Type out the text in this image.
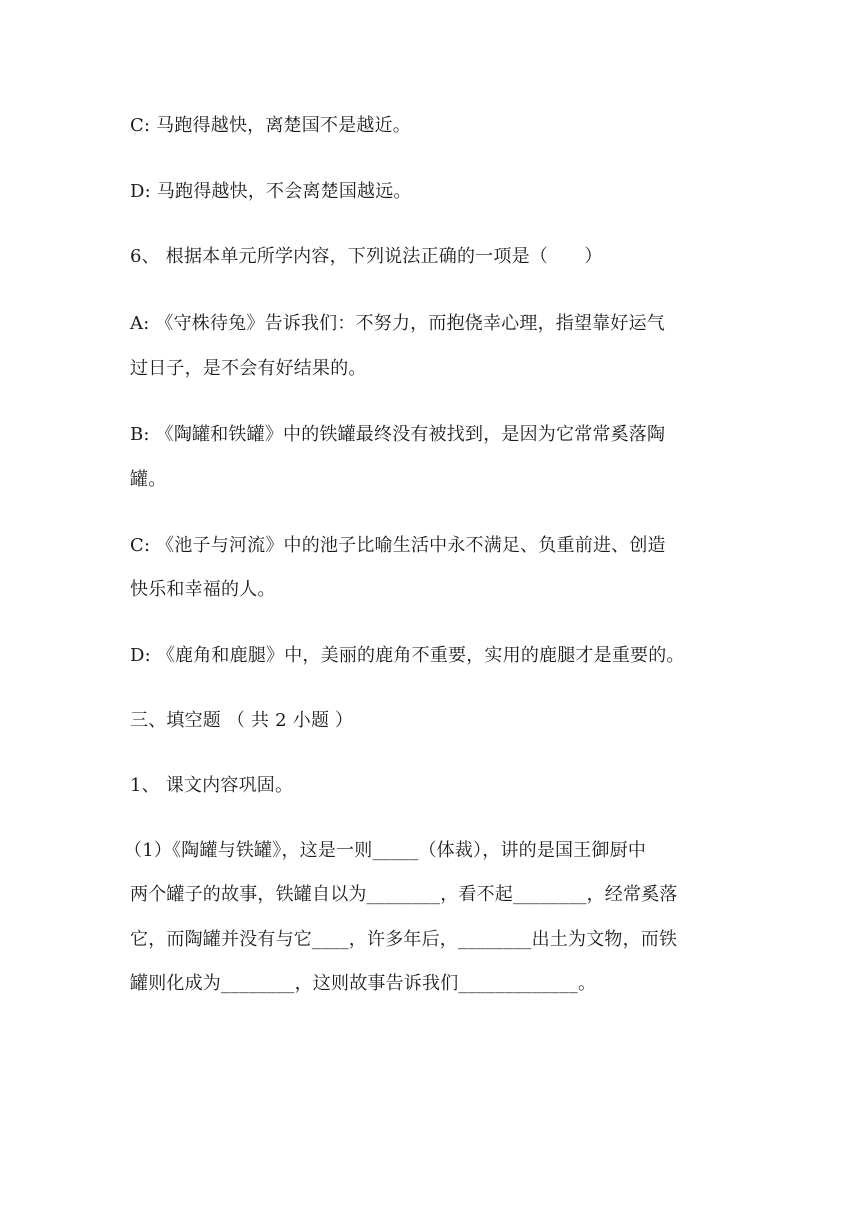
C: 马跑得越快，离楚国不是越近。
D: 马跑得越快，不会离楚国越远。
6、 根据本单元所学内容，下列说法正确的一项是（　　）
A: 《守株待兔》告诉我们：不努力，而抱侥幸心理，指望靠好运气
过日子，是不会有好结果的。
B: 《陶罐和铁罐》中的铁罐最终没有被找到，是因为它常常奚落陶
罐。
C: 《池子与河流》中的池子比喻生活中永不满足、负重前进、创造
快乐和幸福的人。
D: 《鹿角和鹿腿》中，美丽的鹿角不重要，实用的鹿腿才是重要的。
三、填空题 （ 共 2 小题 ）
1、 课文内容巩固。
（1）《陶罐与铁罐》，这是一则_____（体裁），讲的是国王御厨中
两个罐子的故事，铁罐自以为________，看不起________，经常奚落
它，而陶罐并没有与它____，许多年后，________出土为文物，而铁
罐则化成为________，这则故事告诉我们_____________。
